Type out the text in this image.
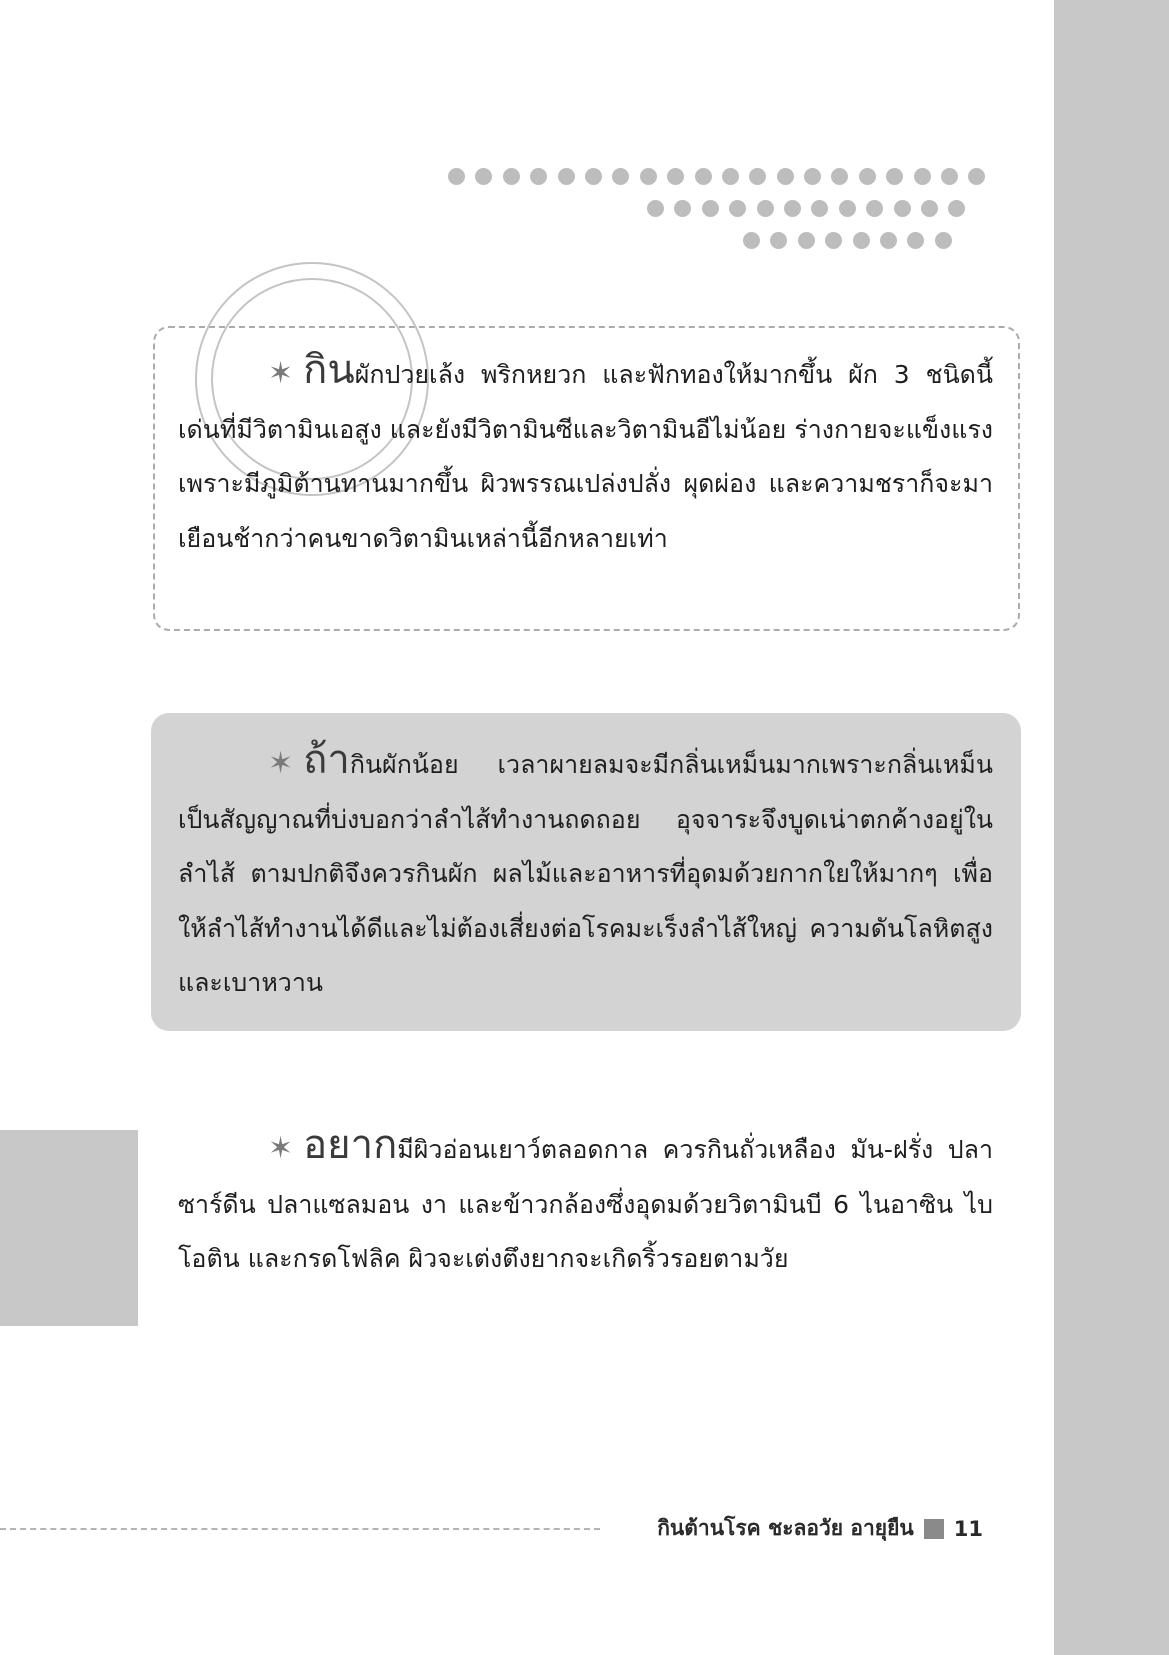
✶ กินผักปวยเล้ง พริกหยวก และฟักทองให้มากขึ้น ผัก 3 ชนิดนี้เด่นที่มีวิตามินเอสูง และยังมีวิตามินซีและวิตามินอีไม่น้อย ร่างกายจะแข็งแรงเพราะมีภูมิต้านทานมากขึ้น ผิวพรรณเปล่งปลั่ง ผุดผ่อง และความชราก็จะมาเยือนช้ากว่าคนขาดวิตามินเหล่านี้อีกหลายเท่า

✶ ถ้ากินผักน้อย เวลาผายลมจะมีกลิ่นเหม็นมากเพราะกลิ่นเหม็นเป็นสัญญาณที่บ่งบอกว่าลำไส้ทำงานถดถอย อุจจาระจึงบูดเน่าตกค้างอยู่ในลำไส้ ตามปกติจึงควรกินผัก ผลไม้และอาหารที่อุดมด้วยกากใยให้มากๆ เพื่อให้ลำไส้ทำงานได้ดีและไม่ต้องเสี่ยงต่อโรคมะเร็งลำไส้ใหญ่ ความดันโลหิตสูงและเบาหวาน

✶ อยากมีผิวอ่อนเยาว์ตลอดกาล ควรกินถั่วเหลือง มัน-ฝรั่ง ปลาซาร์ดีน ปลาแซลมอน งา และข้าวกล้องซึ่งอุดมด้วยวิตามินบี 6 ไนอาซิน ไบโอติน และกรดโฟลิค ผิวจะเต่งตึงยากจะเกิดริ้วรอยตามวัย

กินต้านโรค ชะลอวัย อายุยืน 11
